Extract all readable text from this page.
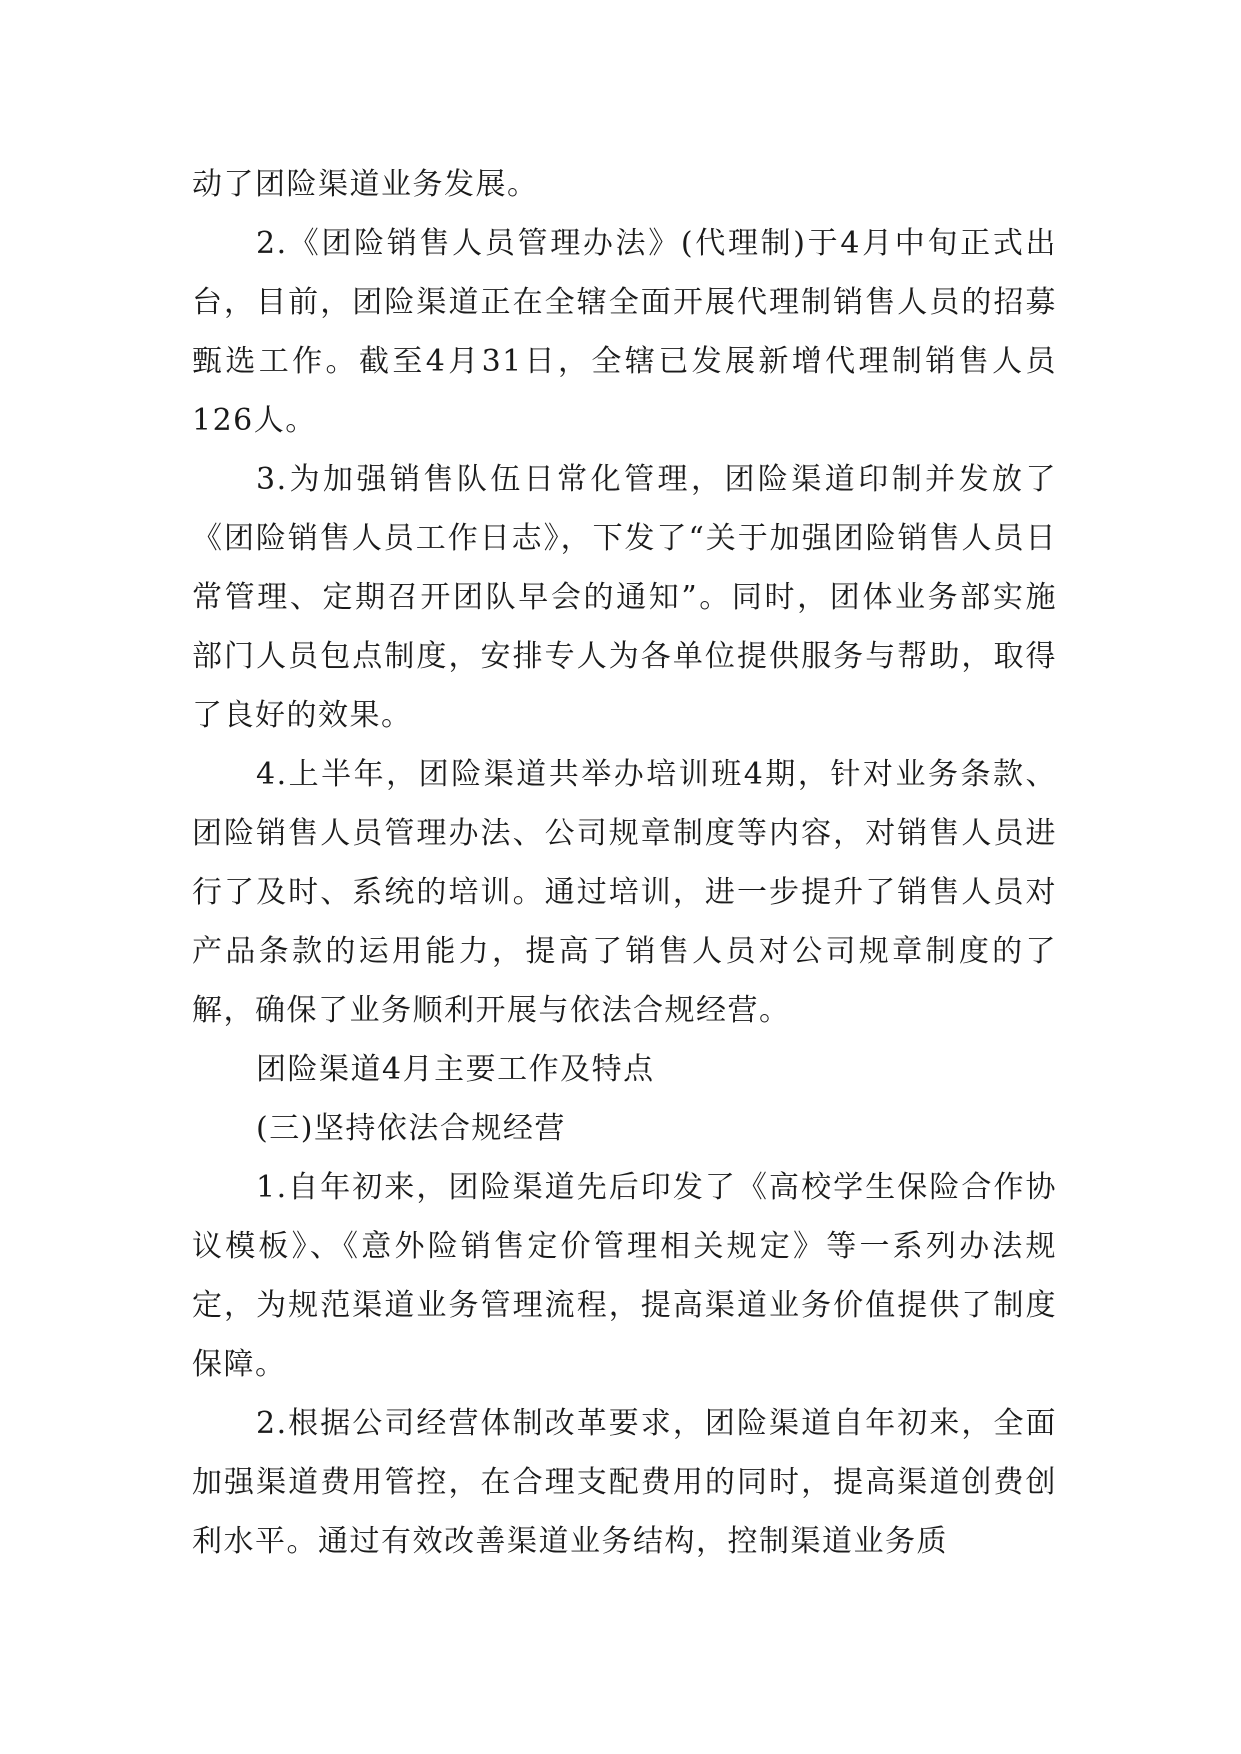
动了团险渠道业务发展。

2.《团险销售人员管理办法》(代理制)于4月中旬正式出台，目前，团险渠道正在全辖全面开展代理制销售人员的招募甄选工作。截至4月31日，全辖已发展新增代理制销售人员126人。

3.为加强销售队伍日常化管理，团险渠道印制并发放了《团险销售人员工作日志》，下发了“关于加强团险销售人员日常管理、定期召开团队早会的通知”。同时，团体业务部实施部门人员包点制度，安排专人为各单位提供服务与帮助，取得了良好的效果。

4.上半年，团险渠道共举办培训班4期，针对业务条款、团险销售人员管理办法、公司规章制度等内容，对销售人员进行了及时、系统的培训。通过培训，进一步提升了销售人员对产品条款的运用能力，提高了销售人员对公司规章制度的了解，确保了业务顺利开展与依法合规经营。

团险渠道4月主要工作及特点

(三)坚持依法合规经营

1.自年初来，团险渠道先后印发了《高校学生保险合作协议模板》、《意外险销售定价管理相关规定》等一系列办法规定，为规范渠道业务管理流程，提高渠道业务价值提供了制度保障。

2.根据公司经营体制改革要求，团险渠道自年初来，全面加强渠道费用管控，在合理支配费用的同时，提高渠道创费创利水平。通过有效改善渠道业务结构，控制渠道业务质
